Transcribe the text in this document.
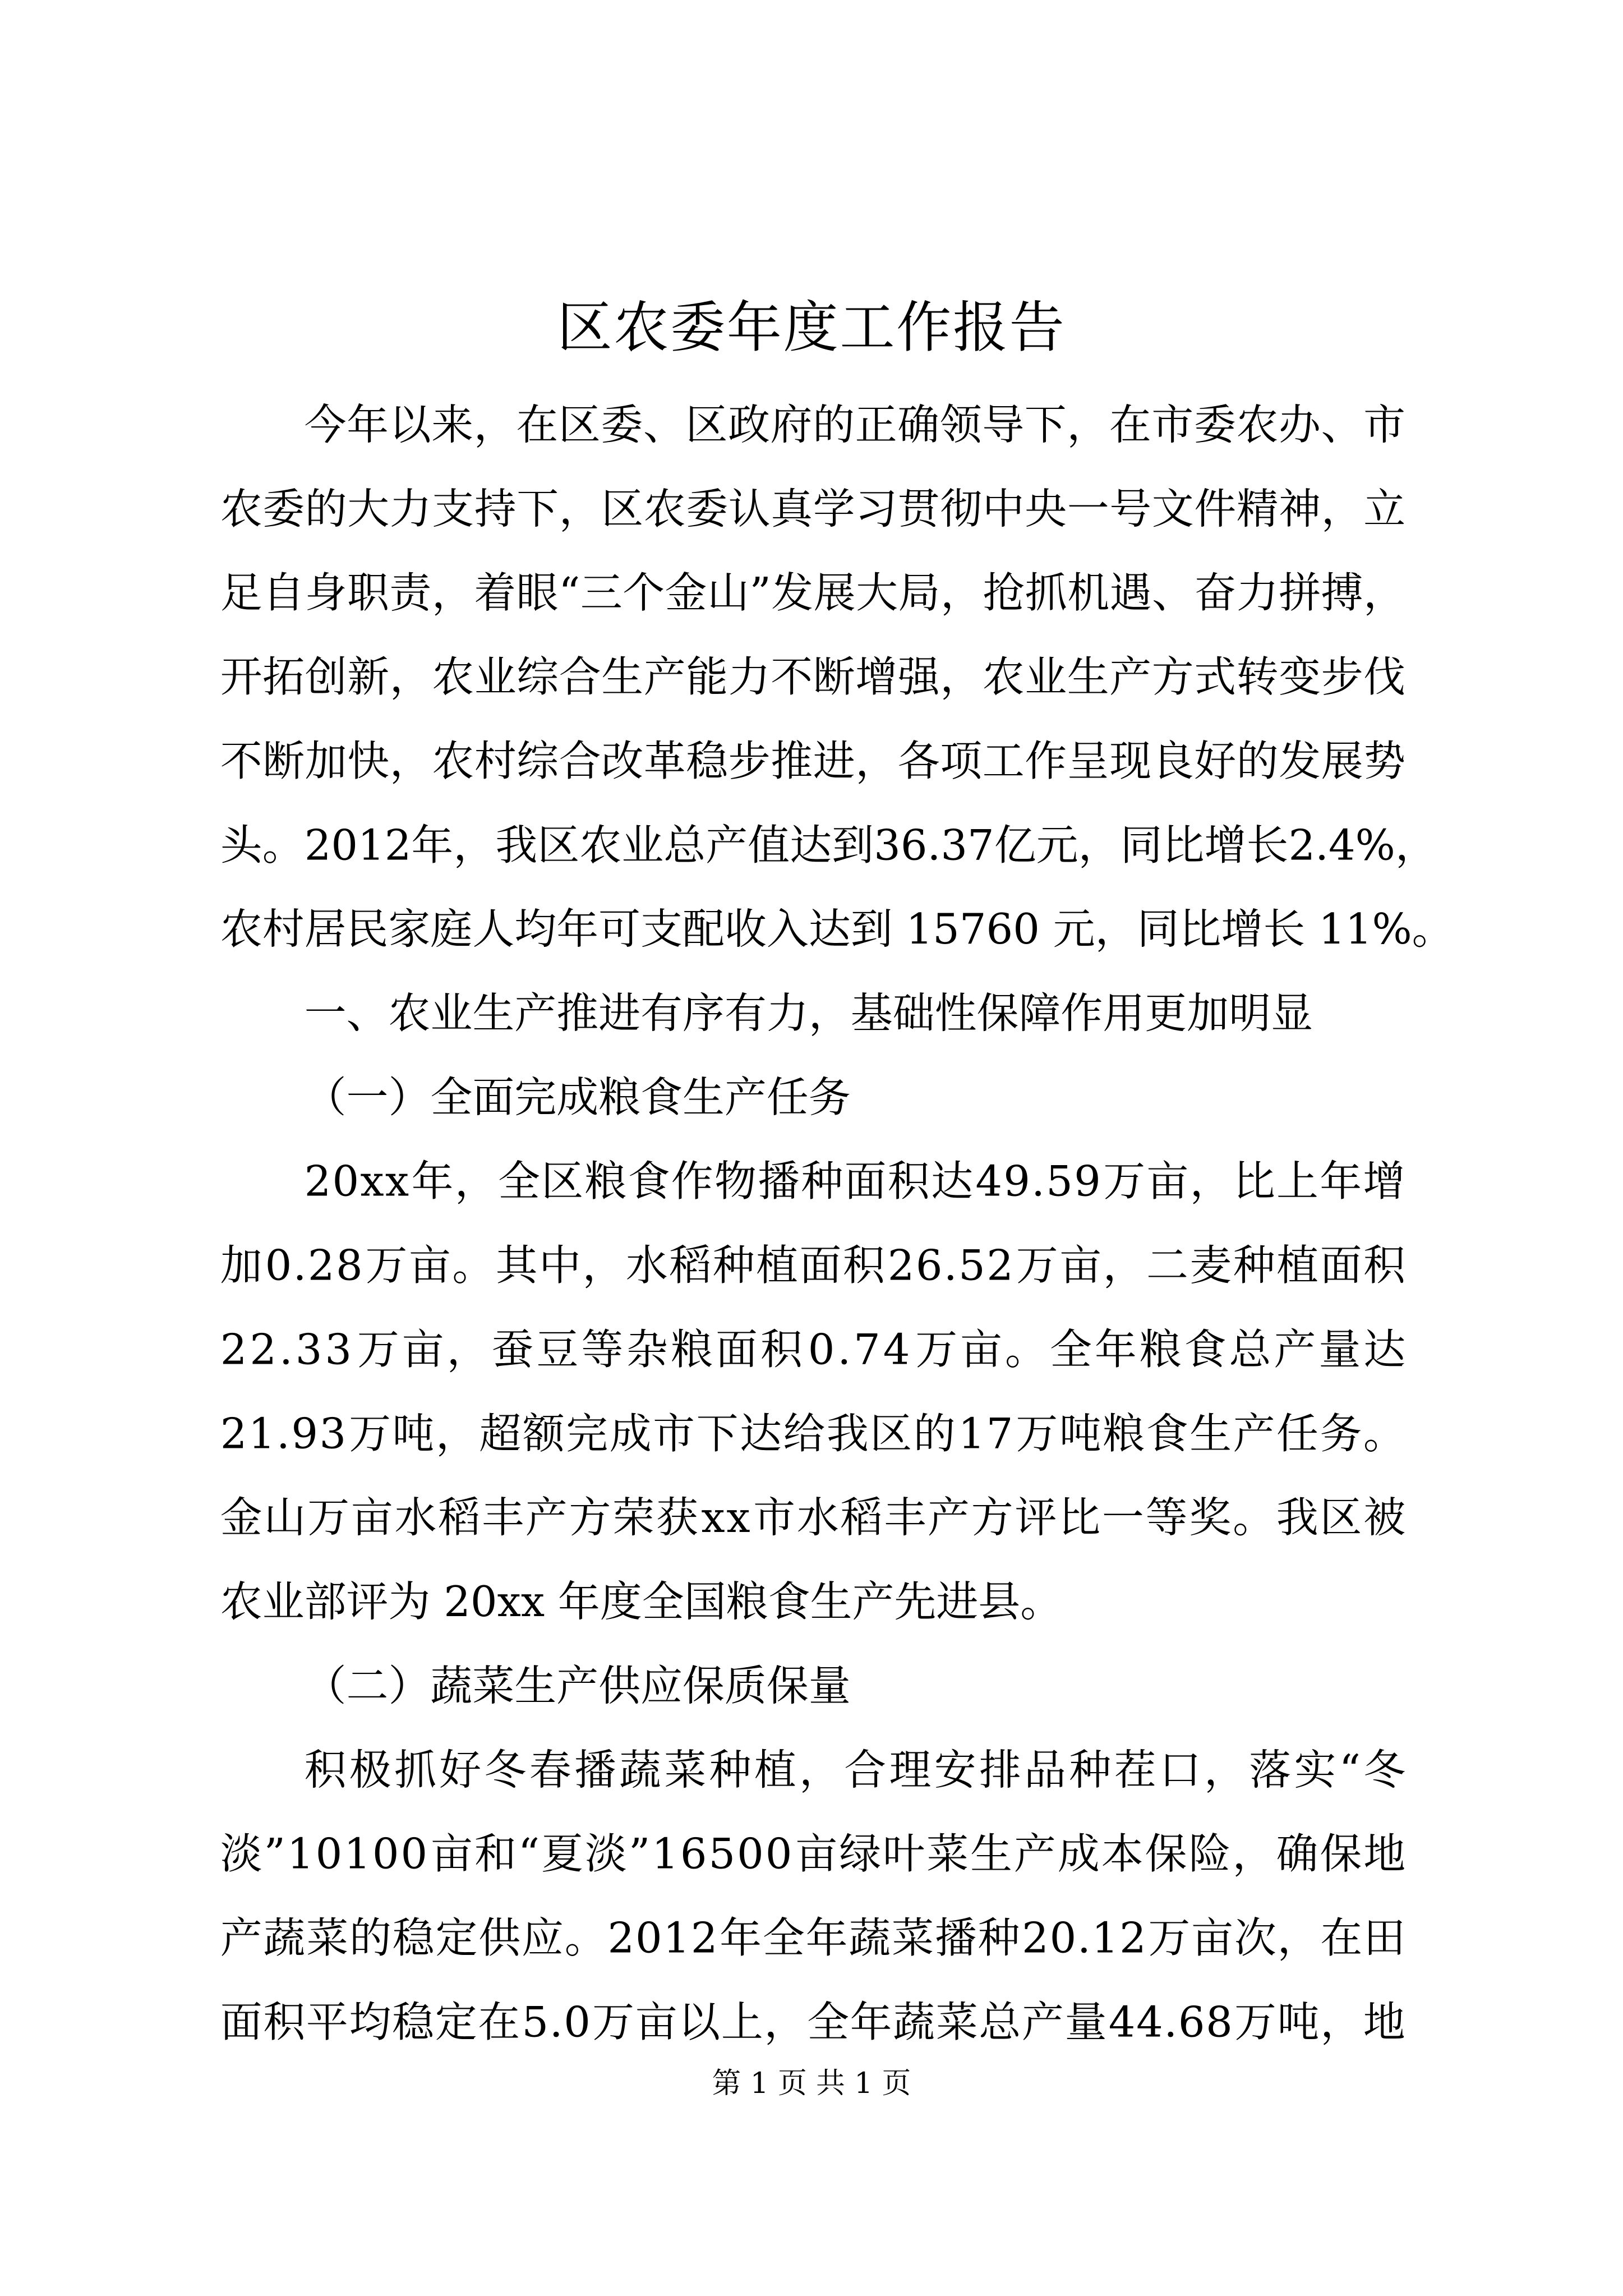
区农委年度工作报告
今 年 以 来 ， 在 区 委 、 区 政 府 的 正 确 领 导 下 ， 在 市 委 农 办 、 市
农 委 的 大 力 支 持 下 ， 区 农 委 认 真 学 习 贯 彻 中 央 一 号 文 件 精 神 ， 立
足 自 身 职 责 ， 着 眼 “ 三 个 金 山 ” 发 展 大 局 ， 抢 抓 机 遇 、 奋 力 拼 搏 ，
开 拓 创 新 ， 农 业 综 合 生 产 能 力 不 断 增 强 ， 农 业 生 产 方 式 转 变 步 伐
不 断 加 快 ， 农 村 综 合 改 革 稳 步 推 进 ， 各 项 工 作 呈 现 良 好 的 发 展 势
头 。 2 0 1 2 年 ， 我 区 农 业 总 产 值 达 到 3 6 . 3 7 亿 元 ， 同 比 增 长 2 . 4 % ，
农村居民家庭人均年可支配收入达到 15760 元，同比增长 11%。
一、农业生产推进有序有力，基础性保障作用更加明显
（一）全面完成粮食生产任务
2 0 x x 年 ， 全 区 粮 食 作 物 播 种 面 积 达 4 9 . 5 9 万 亩 ， 比 上 年 增
加 0 . 2 8 万 亩 。 其 中 ， 水 稻 种 植 面 积 2 6 . 5 2 万 亩 ， 二 麦 种 植 面 积
2 2 . 3 3 万 亩 ， 蚕 豆 等 杂 粮 面 积 0 . 7 4 万 亩 。 全 年 粮 食 总 产 量 达
2 1 . 9 3 万 吨 ， 超 额 完 成 市 下 达 给 我 区 的 1 7 万 吨 粮 食 生 产 任 务 。
金 山 万 亩 水 稻 丰 产 方 荣 获 x x 市 水 稻 丰 产 方 评 比 一 等 奖 。 我 区 被
农业部评为 20xx 年度全国粮食生产先进县。
（二）蔬菜生产供应保质保量
积 极 抓 好 冬 春 播 蔬 菜 种 植 ， 合 理 安 排 品 种 茬 口 ， 落 实 “ 冬
淡 ” 1 0 1 0 0 亩 和 “ 夏 淡 ” 1 6 5 0 0 亩 绿 叶 菜 生 产 成 本 保 险 ， 确 保 地
产 蔬 菜 的 稳 定 供 应 。 2 0 1 2 年 全 年 蔬 菜 播 种 2 0 . 1 2 万 亩 次 ， 在 田
面 积 平 均 稳 定 在 5 . 0 万 亩 以 上 ， 全 年 蔬 菜 总 产 量 4 4 . 6 8 万 吨 ， 地
第 1 页 共 1 页
